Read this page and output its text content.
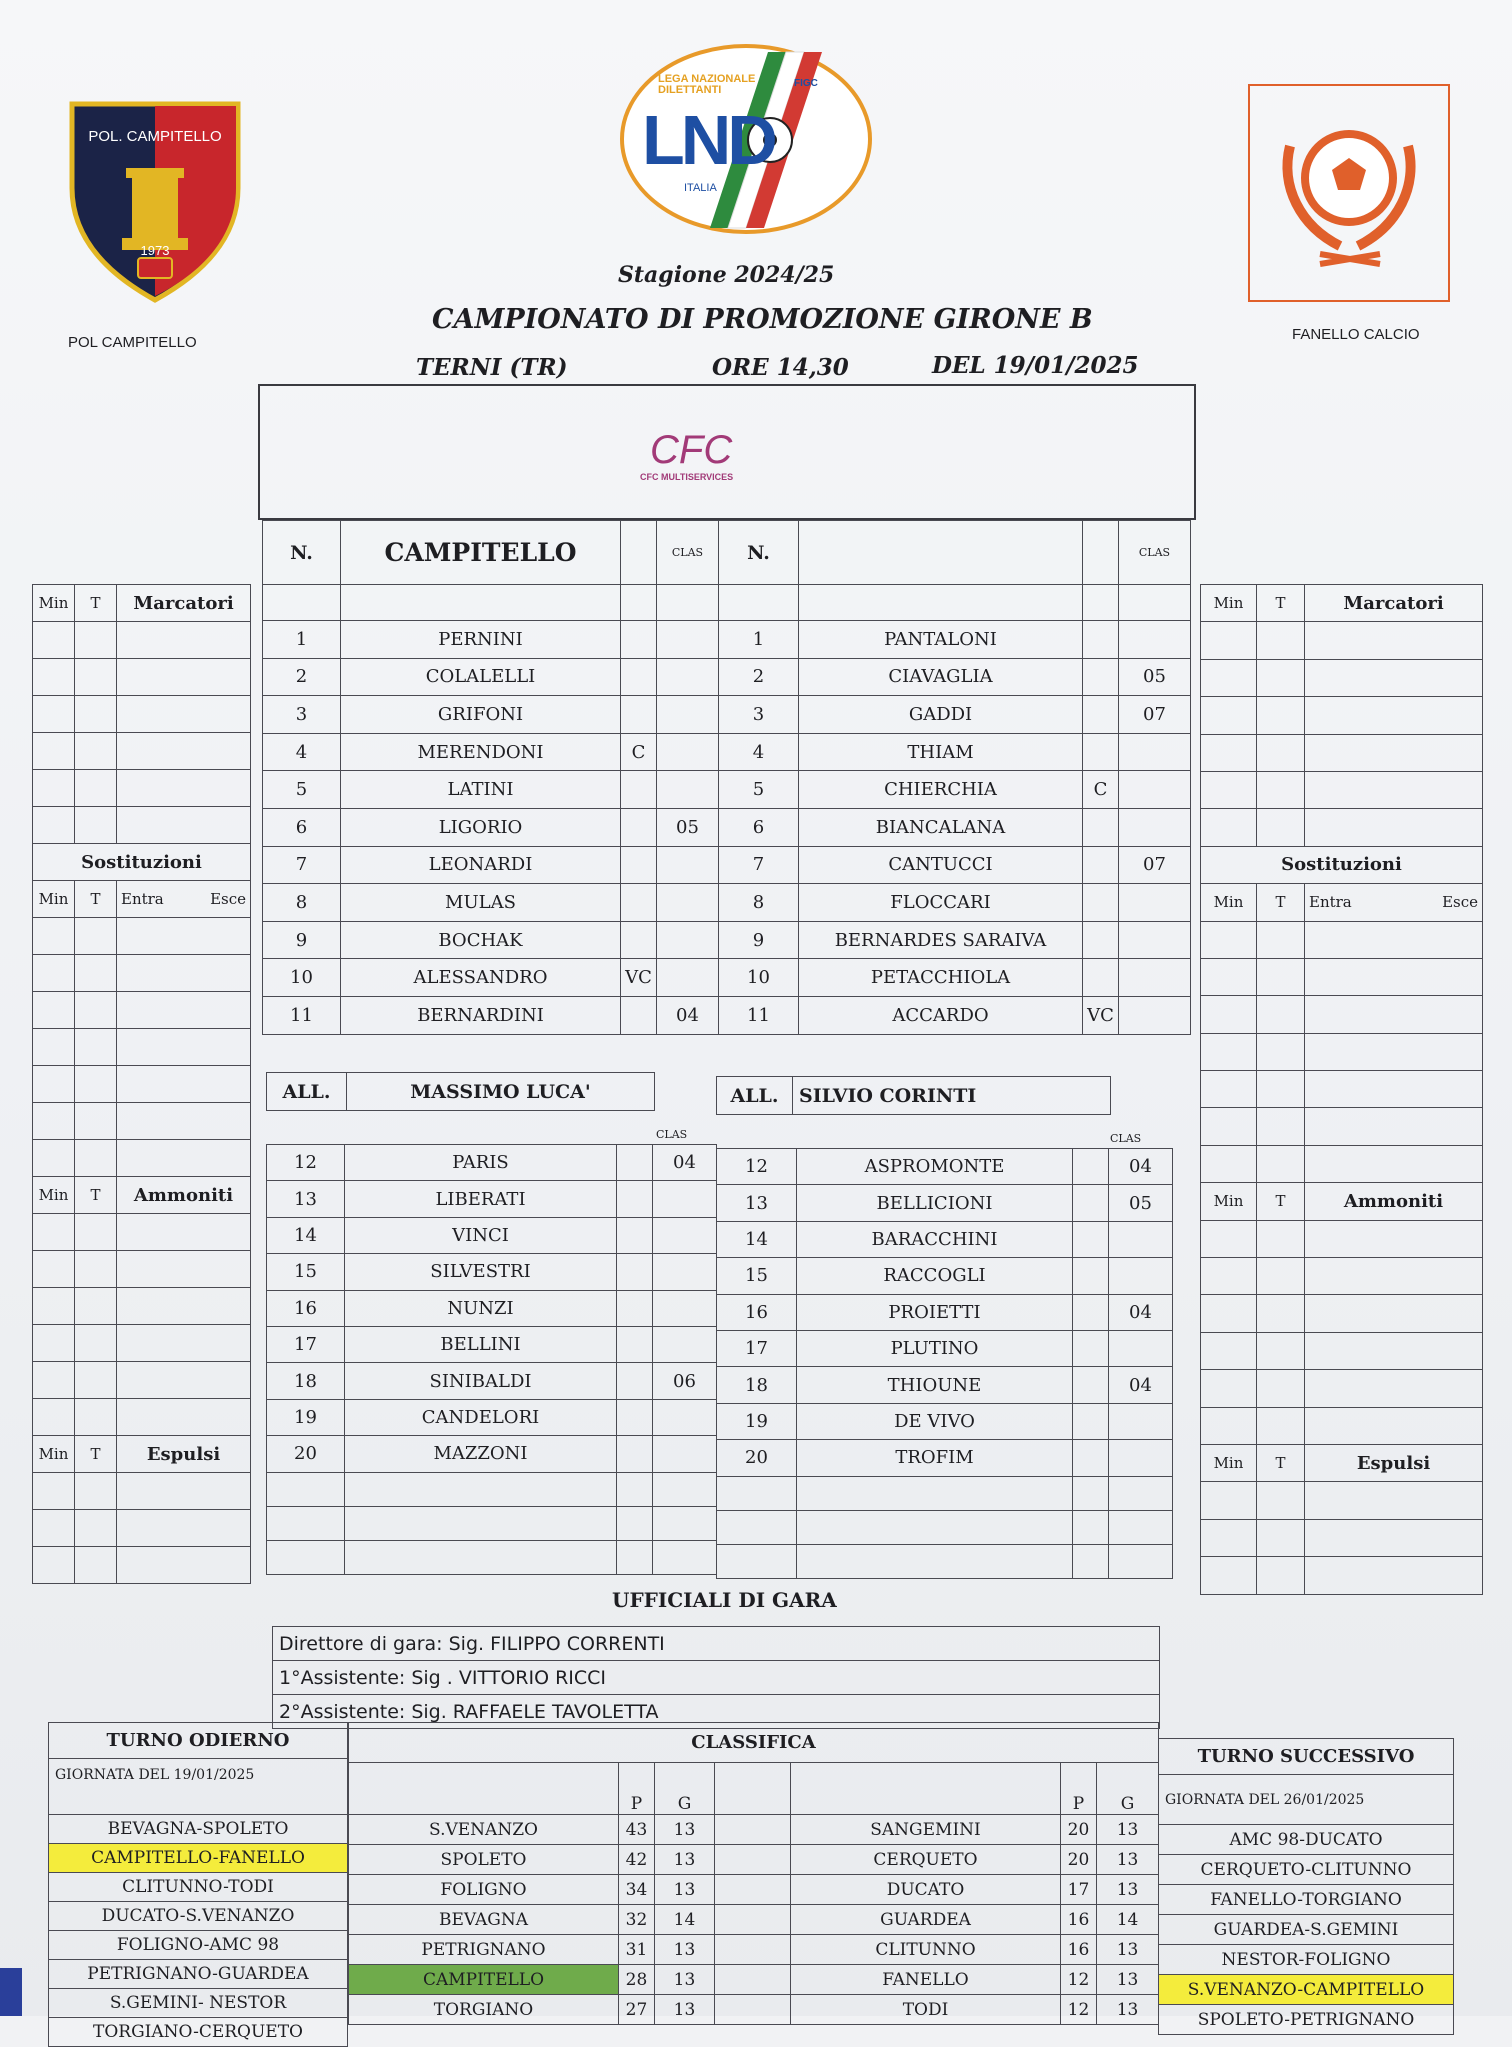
POL. CAMPITELLO
1973
POL CAMPITELLO
LEGA NAZIONALE DILETTANTI
LND
ITALIA
FIGC
FANELLO CALCIO
Stagione 2024/25
CAMPIONATO DI PROMOZIONE GIRONE B
TERNI (TR)	ORE 14,30	DEL 19/01/2025
CFC
CFC MULTISERVICES
N.	CAMPITELLO		CLAS

1	PERNINI		
2	COLALELLI		
3	GRIFONI		
4	MERENDONI	C	
5	LATINI		
6	LIGORIO		05
7	LEONARDI		
8	MULAS		
9	BOCHAK		
10	ALESSANDRO	VC	
11	BERNARDINI		04
N.			CLAS

1	PANTALONI		
2	CIAVAGLIA		05
3	GADDI		07
4	THIAM		
5	CHIERCHIA	C	
6	BIANCALANA		
7	CANTUCCI		07
8	FLOCCARI		
9	BERNARDES SARAIVA		
10	PETACCHIOLA		
11	ACCARDO	VC	
ALL.	MASSIMO LUCA'	ALL.	SILVIO CORINTI
CLAS	CLAS
12	PARIS		04
13	LIBERATI		
14	VINCI		
15	SILVESTRI		
16	NUNZI		
17	BELLINI		
18	SINIBALDI		06
19	CANDELORI		
20	MAZZONI		

12	ASPROMONTE		04
13	BELLICIONI		05
14	BARACCHINI		
15	RACCOGLI		
16	PROIETTI		04
17	PLUTINO		
18	THIOUNE		04
19	DE VIVO		
20	TROFIM		

Min	T	Marcatori

Sostituzioni		
Min	T	Entra Esce

Min	T	Ammoniti

Min	T	Espulsi

Min	T	Marcatori

Sostituzioni		
Min	T	Entra Esce

Min	T	Ammoniti

Min	T	Espulsi

UFFICIALI DI GARA
Direttore di gara: Sig. FILIPPO CORRENTI
1°Assistente: Sig . VITTORIO RICCI
2°Assistente: Sig. RAFFAELE TAVOLETTA
TURNO ODIERNO
GIORNATA DEL 19/01/2025
BEVAGNA-SPOLETO
CAMPITELLO-FANELLO
CLITUNNO-TODI
DUCATO-S.VENANZO
FOLIGNO-AMC 98
PETRIGNANO-GUARDEA
S.GEMINI- NESTOR
TORGIANO-CERQUETO
CLASSIFICA						
	P	G			P	G
S.VENANZO	43	13		SANGEMINI	20	13
SPOLETO	42	13		CERQUETO	20	13
FOLIGNO	34	13		DUCATO	17	13
BEVAGNA	32	14		GUARDEA	16	14
PETRIGNANO	31	13		CLITUNNO	16	13
CAMPITELLO	28	13		FANELLO	12	13
TORGIANO	27	13		TODI	12	13
TURNO SUCCESSIVO
GIORNATA DEL 26/01/2025
AMC 98-DUCATO
CERQUETO-CLITUNNO
FANELLO-TORGIANO
GUARDEA-S.GEMINI
NESTOR-FOLIGNO
S.VENANZO-CAMPITELLO
SPOLETO-PETRIGNANO
